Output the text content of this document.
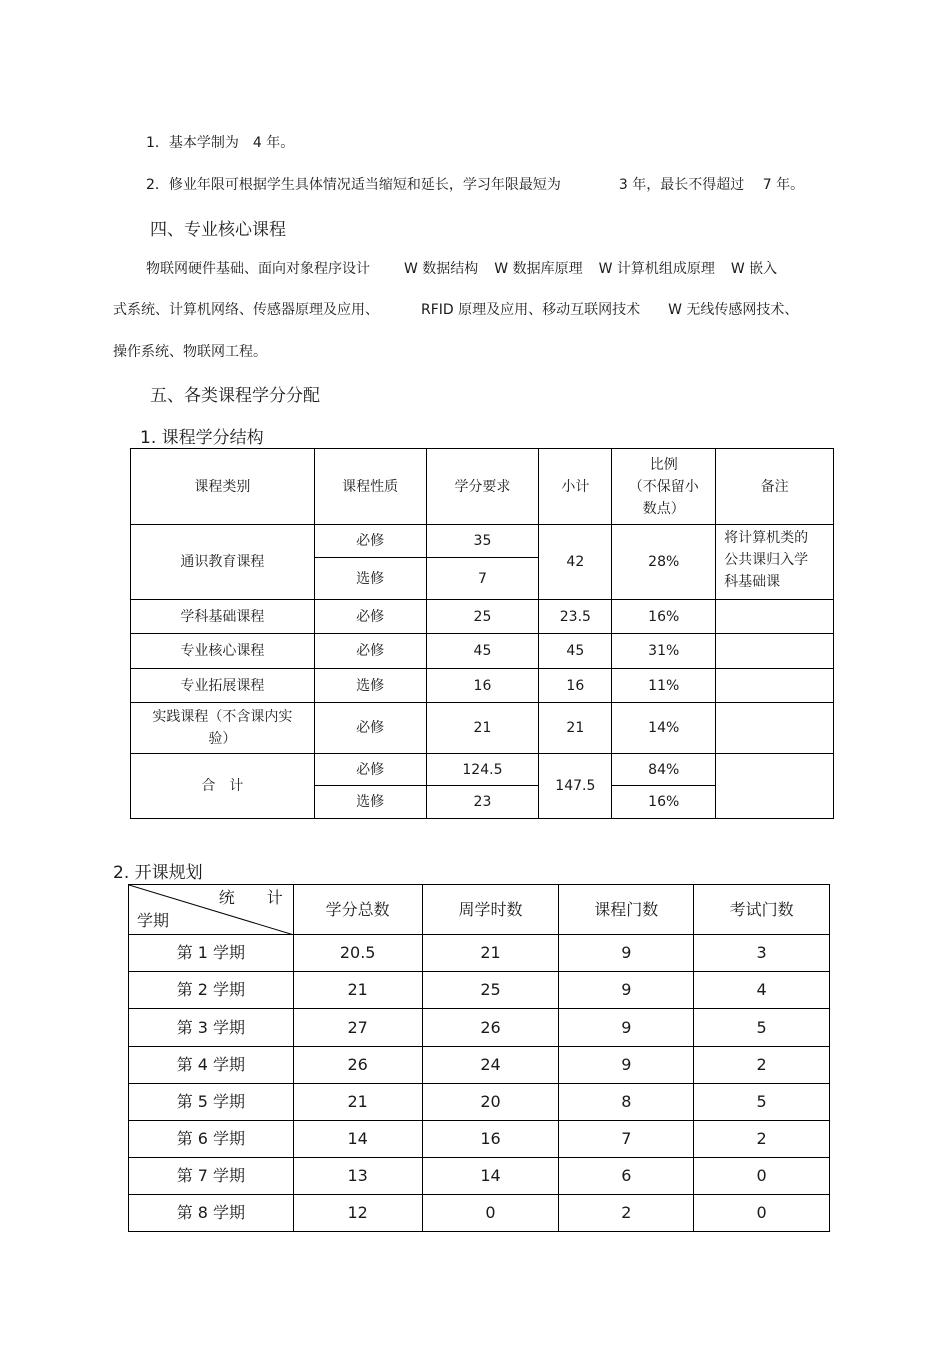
1．基本学制为　4 年。
2．修业年限可根据学生具体情况适当缩短和延长，学习年限最短为	3 年，最长不得超过　 7 年。
四、专业核心课程
物联网硬件基础、面向对象程序设计 W 数据结构 W 数据库原理 W 计算机组成原理 W 嵌入
式系统、计算机网络、传感器原理及应用、	RFID 原理及应用、移动互联网技术 W 无线传感网技术、
操作系统、物联网工程。
五、各类课程学分分配
1. 课程学分结构
课程类别	课程性质	学分要求	小计	比例
（不保留小
数点）	备注
通识教育课程	必修	35	42	28%	将计算机类的
公共课归入学
科基础课

	选修	7			
学科基础课程	必修	25	23.5	16%	
专业核心课程	必修	45	45	31%	
专业拓展课程	选修	16	16	11%	

实践课程（不含课内实
验）	必修	21	21	14%	
合　计	必修	124.5	147.5	84%	
	选修	23		16%	
2. 开课规划
统　　计
学期	学分总数	周学时数	课程门数	考试门数
第 1 学期	20.5	21	9	3
第 2 学期	21	25	9	4
第 3 学期	27	26	9	5
第 4 学期	26	24	9	2
第 5 学期	21	20	8	5
第 6 学期	14	16	7	2
第 7 学期	13	14	6	0
第 8 学期	12	0	2	0
